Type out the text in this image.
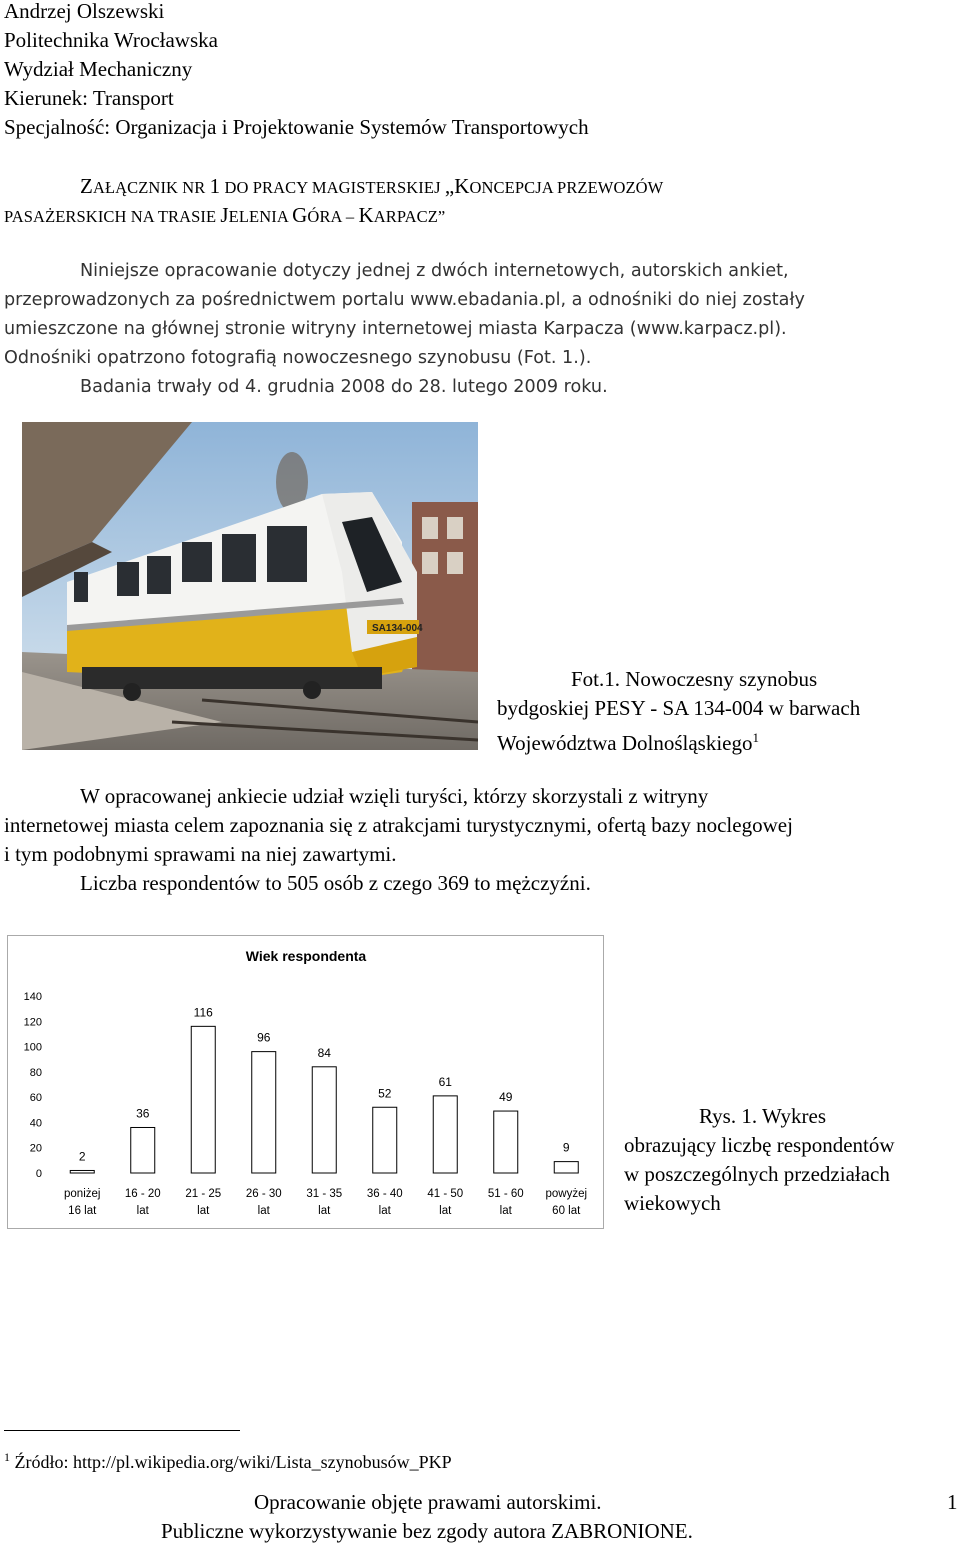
Andrzej Olszewski
Politechnika Wrocławska
Wydział Mechaniczny
Kierunek: Transport
Specjalność: Organizacja i Projektowanie Systemów Transportowych
ZAŁĄCZNIK NR 1 DO PRACY MAGISTERSKIEJ „KONCEPCJA PRZEWOZÓW
PASAŻERSKICH NA TRASIE JELENIA GÓRA – KARPACZ”
Niniejsze opracowanie dotyczy jednej z dwóch internetowych, autorskich ankiet,
przeprowadzonych za pośrednictwem portalu www.ebadania.pl, a odnośniki do niej zostały
umieszczone na głównej stronie witryny internetowej miasta Karpacza (www.karpacz.pl).
Odnośniki opatrzono fotografią nowoczesnego szynobusu (Fot. 1.).
Badania trwały od 4. grudnia 2008 do 28. lutego 2009 roku.
SA134-004
Fot.1. Nowoczesny szynobus
bydgoskiej PESY - SA 134-004 w barwach
Województwa Dolnośląskiego$^1$
W opracowanej ankiecie udział wzięli turyści, którzy skorzystali z witryny
internetowej miasta celem zapoznania się z atrakcjami turystycznymi, ofertą bazy noclegowej
i tym podobnymi sprawami na niej zawartymi.
Liczba respondentów to 505 osób z czego 369 to mężczyźni.
Wiek respondenta
0
20
40
60
80
100
120
140
2
poniżej
16 lat
36
16 - 20
lat
116
21 - 25
lat
96
26 - 30
lat
84
31 - 35
lat
52
36 - 40
lat
61
41 - 50
lat
49
51 - 60
lat
9
powyżej
60 lat
Rys. 1. Wykres
obrazujący liczbę respondentów
w poszczególnych przedziałach
wiekowych
$^1$ Źródło: http://pl.wikipedia.org/wiki/Lista_szynobusów_PKP
Opracowanie objęte prawami autorskimi.	1
Publiczne wykorzystywanie bez zgody autora ZABRONIONE.
